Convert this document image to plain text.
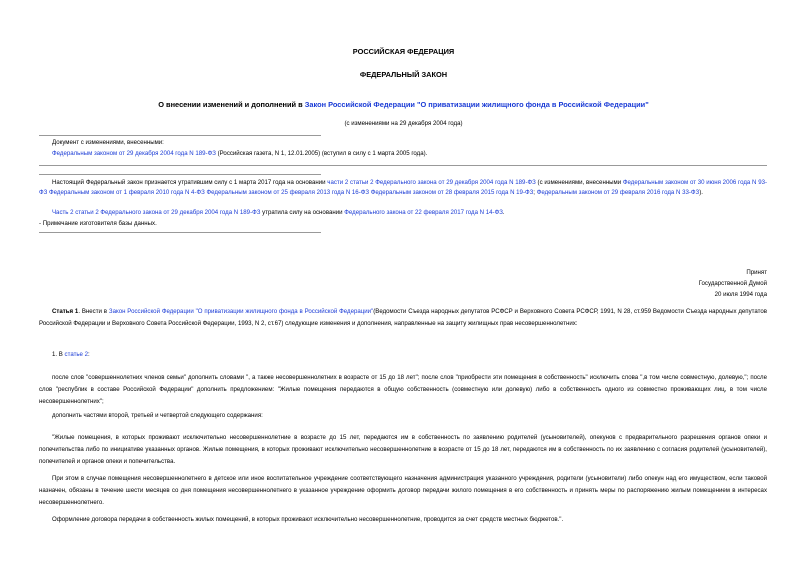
РОССИЙСКАЯ ФЕДЕРАЦИЯ
ФЕДЕРАЛЬНЫЙ ЗАКОН
О внесении изменений и дополнений в Закон Российской Федерации "О приватизации жилищного фонда в Российской Федерации"
(с изменениями на 29 декабря 2004 года)
Документ с изменениями, внесенными:
Федеральным законом от 29 декабря 2004 года N 189-ФЗ (Российская газета, N 1, 12.01.2005) (вступил в силу с 1 марта 2005 года).
Настоящий Федеральный закон признается утратившим силу с 1 марта 2017 года на основании части 2 статьи 2 Федерального закона от 29 декабря 2004 года N 189-ФЗ (с изменениями, внесенными Федеральным законом от 30 июня 2006 года N 93-ФЗ Федеральным законом от 1 февраля 2010 года N 4-ФЗ Федеральным законом от 25 февраля 2013 года N 16-ФЗ Федеральным законом от 28 февраля 2015 года N 19-ФЗ; Федеральным законом от 29 февраля 2016 года N 33-ФЗ).
Часть 2 статьи 2 Федерального закона от 29 декабря 2004 года N 189-ФЗ утратила силу на основании Федерального закона от 22 февраля 2017 года N 14-ФЗ.
- Примечание изготовителя базы данных.
Принят
Государственной Думой
20 июля 1994 года
Статья 1. Внести в Закон Российской Федерации "О приватизации жилищного фонда в Российской Федерации"(Ведомости Съезда народных депутатов РСФСР и Верховного Совета РСФСР, 1991, N 28, ст.959 Ведомости Съезда народных депутатов Российской Федерации и Верховного Совета Российской Федерации, 1993, N 2, ст.67) следующие изменения и дополнения, направленные на защиту жилищных прав несовершеннолетних:
1. В статье 2:
после слов "совершеннолетних членов семьи" дополнить словами ", а также несовершеннолетних в возрасте от 15 до 18 лет"; после слов "приобрести эти помещения в собственность" исключить слова ",в том числе совместную, долевую,"; после слов "республик в составе Российской Федерации" дополнить предложением: "Жилые помещения передаются в общую собственность (совместную или долевую) либо в собственность одного из совместно проживающих лиц, в том числе несовершеннолетних";
дополнить частями второй, третьей и четвертой следующего содержания:
"Жилые помещения, в которых проживают исключительно несовершеннолетние в возрасте до 15 лет, передаются им в собственность по заявлению родителей (усыновителей), опекунов с предварительного разрешения органов опеки и попечительства либо по инициативе указанных органов. Жилые помещения, в которых проживают исключительно несовершеннолетние в возрасте от 15 до 18 лет, передаются им в собственность по их заявлению с согласия родителей (усыновителей), попечителей и органов опеки и попечительства.
При этом в случае помещения несовершеннолетнего в детское или иное воспитательное учреждение соответствующего назначения администрация указанного учреждения, родители (усыновители) либо опекун над его имуществом, если таковой назначен, обязаны в течение шести месяцев со дня помещения несовершеннолетнего в указанное учреждение оформить договор передачи жилого помещения в его собственность и принять меры по распоряжению жилым помещением в интересах несовершеннолетнего.
Оформление договора передачи в собственность жилых помещений, в которых проживают исключительно несовершеннолетние, проводится за счет средств местных бюджетов.".
